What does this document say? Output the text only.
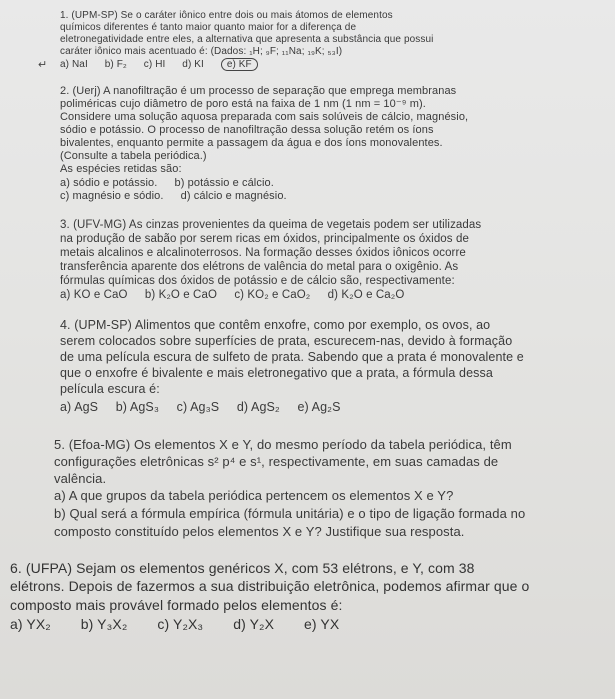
1. (UPM-SP) Se o caráter iônico entre dois ou mais átomos de elementos
químicos diferentes é tanto maior quanto maior for a diferença de
eletronegatividade entre eles, a alternativa que apresenta a substância que possui
caráter iônico mais acentuado é: (Dados: ₁H; ₉F; ₁₁Na; ₁₉K; ₅₃I)
↵ a) NaI b) F₂ c) HI d) KI e) KF
2. (Uerj) A nanofiltração é um processo de separação que emprega membranas
poliméricas cujo diâmetro de poro está na faixa de 1 nm (1 nm = 10⁻⁹ m).
Considere uma solução aquosa preparada com sais solúveis de cálcio, magnésio,
sódio e potássio. O processo de nanofiltração dessa solução retém os íons
bivalentes, enquanto permite a passagem da água e dos íons monovalentes.
(Consulte a tabela periódica.)
As espécies retidas são:
a) sódio e potássio. b) potássio e cálcio.
c) magnésio e sódio. d) cálcio e magnésio.
3. (UFV-MG) As cinzas provenientes da queima de vegetais podem ser utilizadas
na produção de sabão por serem ricas em óxidos, principalmente os óxidos de
metais alcalinos e alcalinoterrosos. Na formação desses óxidos iônicos ocorre
transferência aparente dos elétrons de valência do metal para o oxigênio. As
fórmulas químicas dos óxidos de potássio e de cálcio são, respectivamente:
a) KO e CaO b) K₂O e CaO c) KO₂ e CaO₂ d) K₂O e Ca₂O
4. (UPM-SP) Alimentos que contêm enxofre, como por exemplo, os ovos, ao
serem colocados sobre superfícies de prata, escurecem-nas, devido à formação
de uma película escura de sulfeto de prata. Sabendo que a prata é monovalente e
que o enxofre é bivalente e mais eletronegativo que a prata, a fórmula dessa
película escura é:
a) AgS b) AgS₃ c) Ag₃S d) AgS₂ e) Ag₂S
5. (Efoa-MG) Os elementos X e Y, do mesmo período da tabela periódica, têm
configurações eletrônicas s² p⁴ e s¹, respectivamente, em suas camadas de
valência.
a) A que grupos da tabela periódica pertencem os elementos X e Y?
b) Qual será a fórmula empírica (fórmula unitária) e o tipo de ligação formada no
composto constituído pelos elementos X e Y? Justifique sua resposta.
6. (UFPA) Sejam os elementos genéricos X, com 53 elétrons, e Y, com 38
elétrons. Depois de fazermos a sua distribuição eletrônica, podemos afirmar que o
composto mais provável formado pelos elementos é:
a) YX₂ b) Y₃X₂ c) Y₂X₃ d) Y₂X e) YX
